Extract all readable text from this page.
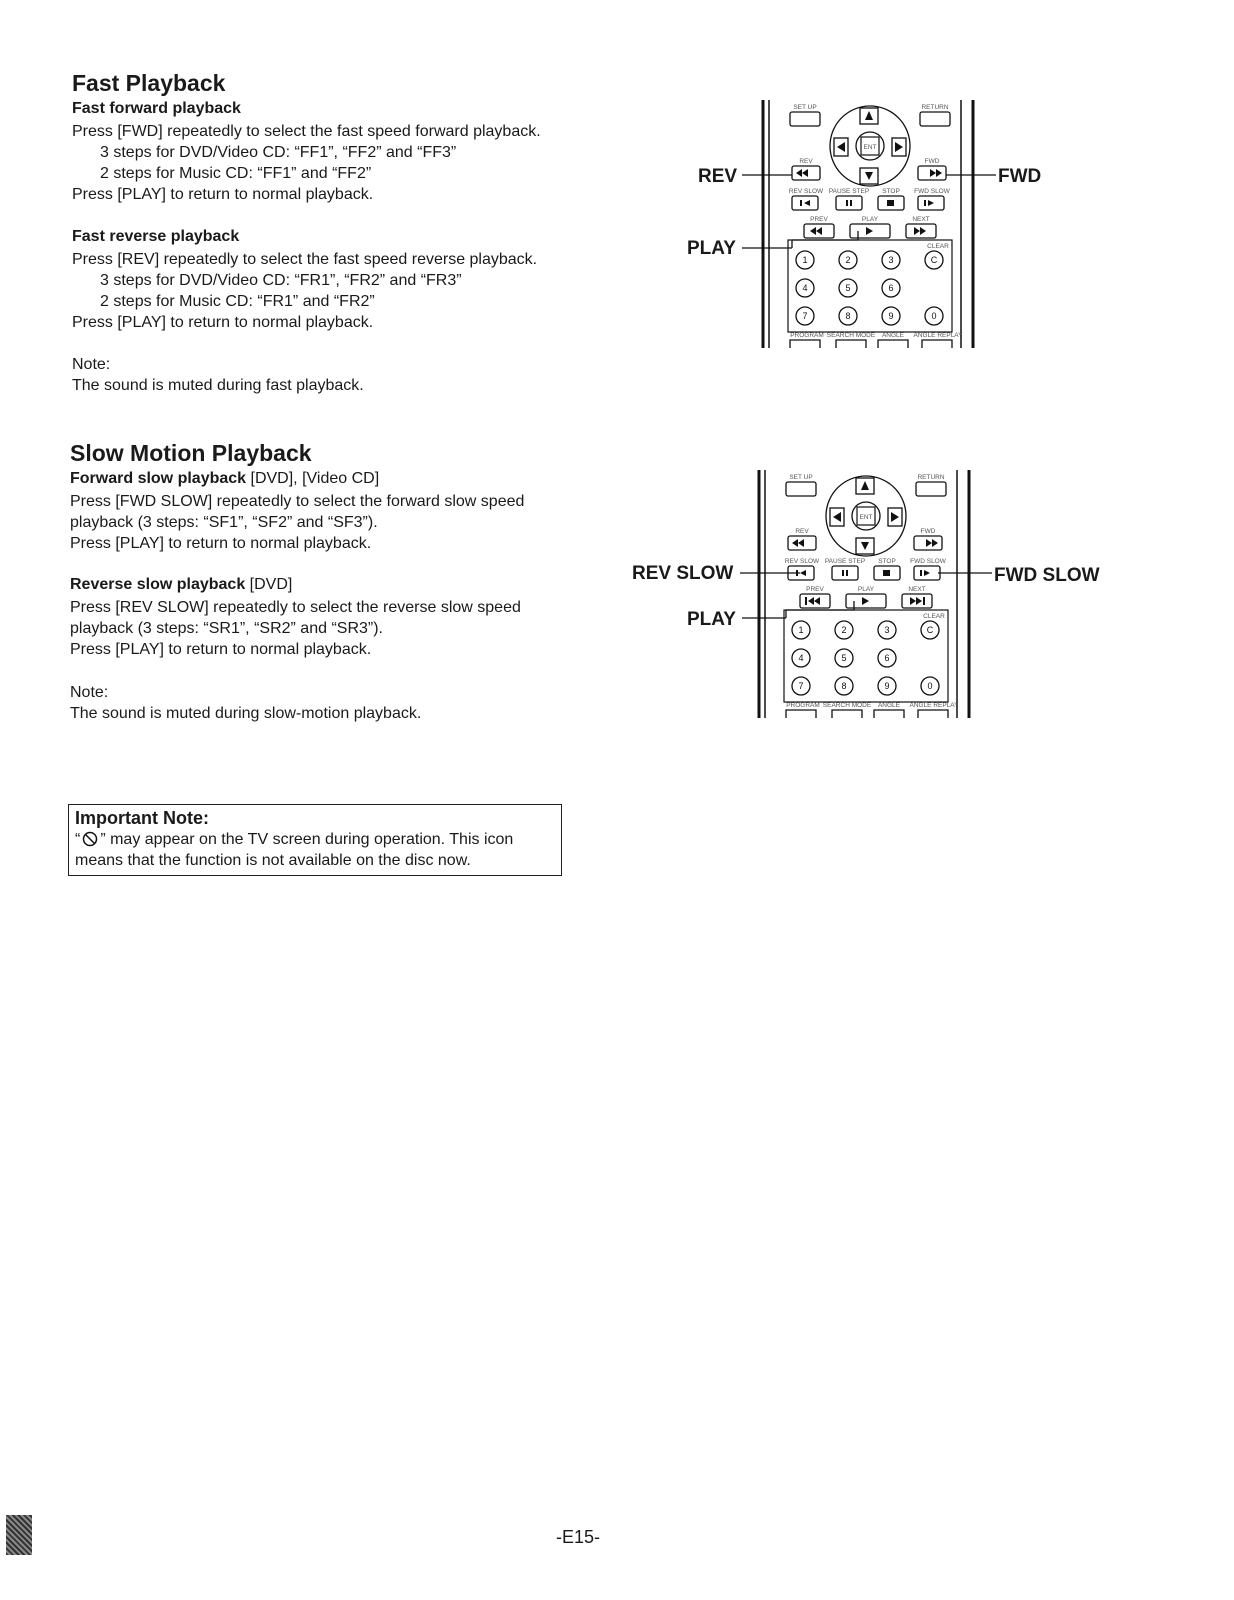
Fast Playback
Fast forward playback
Press [FWD] repeatedly to select the fast speed forward playback.
3 steps for DVD/Video CD: “FF1”, “FF2” and “FF3”
2 steps for Music CD: “FF1” and “FF2”
Press [PLAY] to return to normal playback.
Fast reverse playback
Press [REV] repeatedly to select the fast speed reverse playback.
3 steps for DVD/Video CD: “FR1”, “FR2” and “FR3”
2 steps for Music CD: “FR1” and “FR2”
Press [PLAY] to return to normal playback.
Note:
The sound is muted during fast playback.
SET UP	RETURN
REV	FWD
REV SLOW PAUSE STEP STOP FWD SLOW
PREV	PLAY	NEXT
CLEAR
ENT
PROGRAM SEARCH MODE ANGLE ANGLE REPLAY
1	2	3	C
4	5	6
7	8	9	0
REV	FWD
PLAY
Slow Motion Playback
Forward slow playback [DVD], [Video CD]
Press [FWD SLOW] repeatedly to select the forward slow speed
playback (3 steps: “SF1”, “SF2” and “SF3”).
Press [PLAY] to return to normal playback.
Reverse slow playback [DVD]
Press [REV SLOW] repeatedly to select the reverse slow speed
playback (3 steps: “SR1”, “SR2” and “SR3”).
Press [PLAY] to return to normal playback.
Note:
The sound is muted during slow-motion playback.
SET UP	RETURN
REV	FWD
REV SLOW PAUSE STEP STOP FWD SLOW
PREV	PLAY	NEXT
CLEAR
ENT
PROGRAM SEARCH MODE ANGLE ANGLE REPLAY
1	2	3	C
4	5	6
7	8	9	0
REV SLOW	FWD SLOW
PLAY
Important Note:
“ ” may appear on the TV screen during operation. This icon
means that the function is not available on the disc now.
-E15-
